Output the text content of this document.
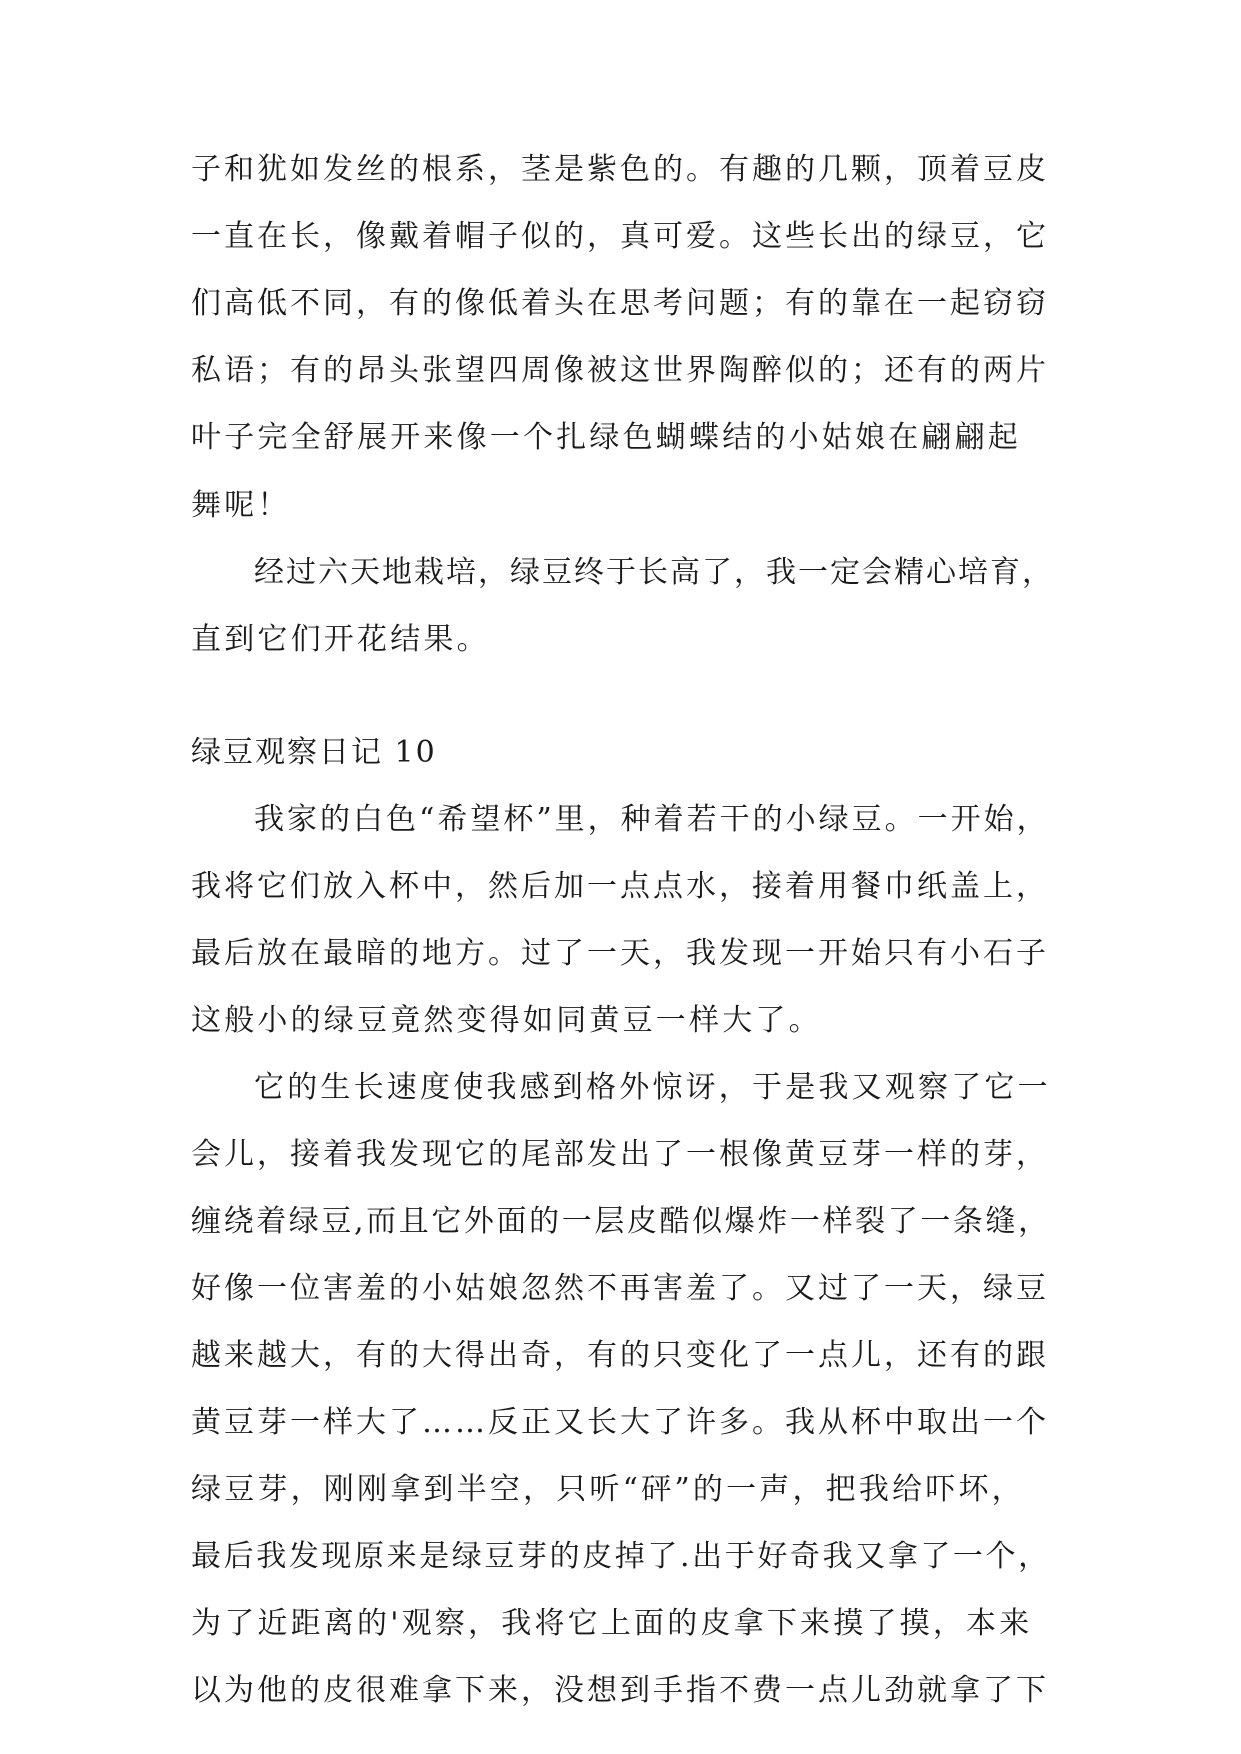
子和犹如发丝的根系，茎是紫色的。有趣的几颗，顶着豆皮
一直在长，像戴着帽子似的，真可爱。这些长出的绿豆，它
们高低不同，有的像低着头在思考问题；有的靠在一起窃窃
私语；有的昂头张望四周像被这世界陶醉似的；还有的两片
叶子完全舒展开来像一个扎绿色蝴蝶结的小姑娘在翩翩起
舞呢！
经过六天地栽培，绿豆终于长高了，我一定会精心培育，
直到它们开花结果。
绿豆观察日记 10
我家的白色“希望杯”里，种着若干的小绿豆。一开始，
我将它们放入杯中，然后加一点点水，接着用餐巾纸盖上，
最后放在最暗的地方。过了一天，我发现一开始只有小石子
这般小的绿豆竟然变得如同黄豆一样大了。
它的生长速度使我感到格外惊讶，于是我又观察了它一
会儿，接着我发现它的尾部发出了一根像黄豆芽一样的芽，
缠绕着绿豆,而且它外面的一层皮酷似爆炸一样裂了一条缝，
好像一位害羞的小姑娘忽然不再害羞了。又过了一天，绿豆
越来越大，有的大得出奇，有的只变化了一点儿，还有的跟
黄豆芽一样大了……反正又长大了许多。我从杯中取出一个
绿豆芽，刚刚拿到半空，只听“砰”的一声，把我给吓坏，
最后我发现原来是绿豆芽的皮掉了.出于好奇我又拿了一个，
为了近距离的'观察，我将它上面的皮拿下来摸了摸，本来
以为他的皮很难拿下来，没想到手指不费一点儿劲就拿了下
